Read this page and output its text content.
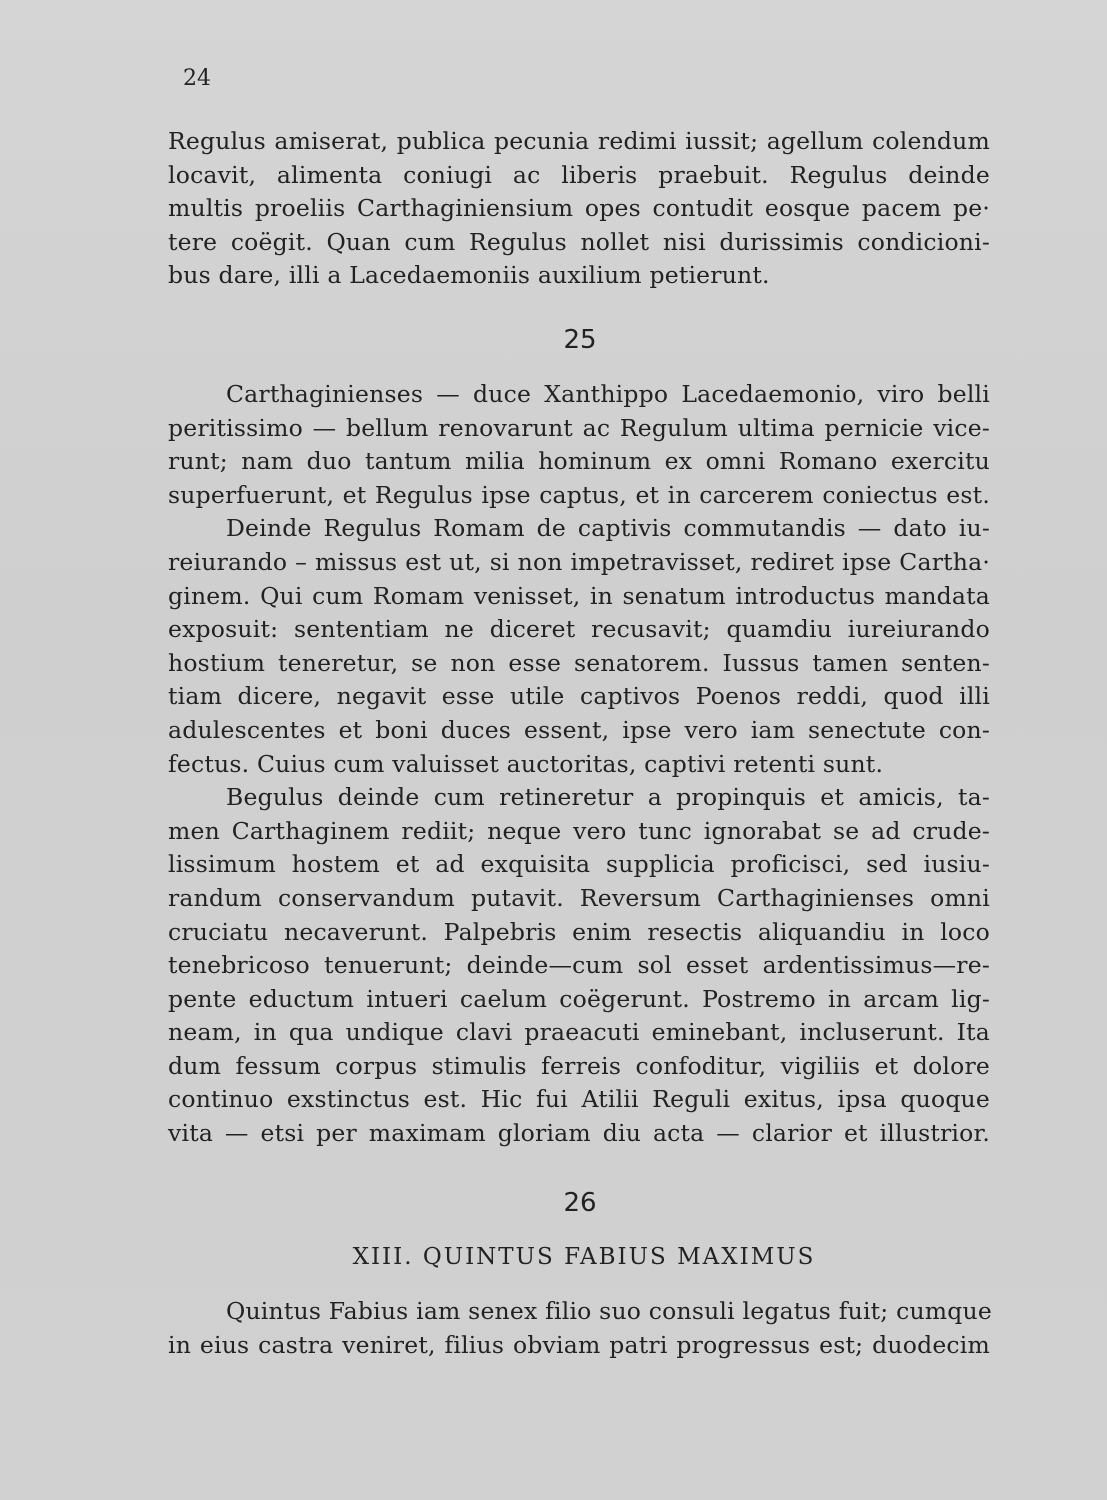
24
Regulus amiserat, publica pecunia redimi iussit; agellum colendum
locavit, alimenta coniugi ac liberis praebuit. Regulus deinde
multis proeliis Carthaginiensium opes contudit eosque pacem pe·
tere coëgit. Quan cum Regulus nollet nisi durissimis condicioni-
bus dare, illi a Lacedaemoniis auxilium petierunt.
25
Carthaginienses — duce Xanthippo Lacedaemonio, viro belli
peritissimo — bellum renovarunt ac Regulum ultima pernicie vice-
runt; nam duo tantum milia hominum ex omni Romano exercitu
superfuerunt, et Regulus ipse captus, et in carcerem coniectus est.
Deinde Regulus Romam de captivis commutandis — dato iu-
reiurando – missus est ut, si non impetravisset, rediret ipse Cartha·
ginem. Qui cum Romam venisset, in senatum introductus mandata
exposuit: sententiam ne diceret recusavit; quamdiu iureiurando
hostium teneretur, se non esse senatorem. Iussus tamen senten-
tiam dicere, negavit esse utile captivos Poenos reddi, quod illi
adulescentes et boni duces essent, ipse vero iam senectute con-
fectus. Cuius cum valuisset auctoritas, captivi retenti sunt.
Begulus deinde cum retineretur a propinquis et amicis, ta-
men Carthaginem rediit; neque vero tunc ignorabat se ad crude-
lissimum hostem et ad exquisita supplicia proficisci, sed iusiu-
randum conservandum putavit. Reversum Carthaginienses omni
cruciatu necaverunt. Palpebris enim resectis aliquandiu in loco
tenebricoso tenuerunt; deinde—cum sol esset ardentissimus—re-
pente eductum intueri caelum coëgerunt. Postremo in arcam lig-
neam, in qua undique clavi praeacuti eminebant, incluserunt. Ita
dum fessum corpus stimulis ferreis confoditur, vigiliis et dolore
continuo exstinctus est. Hic fui Atilii Reguli exitus, ipsa quoque
vita — etsi per maximam gloriam diu acta — clarior et illustrior.
26
XIII. QUINTUS FABIUS MAXIMUS
Quintus Fabius iam senex filio suo consuli legatus fuit; cumque
in eius castra veniret, filius obviam patri progressus est; duodecim
